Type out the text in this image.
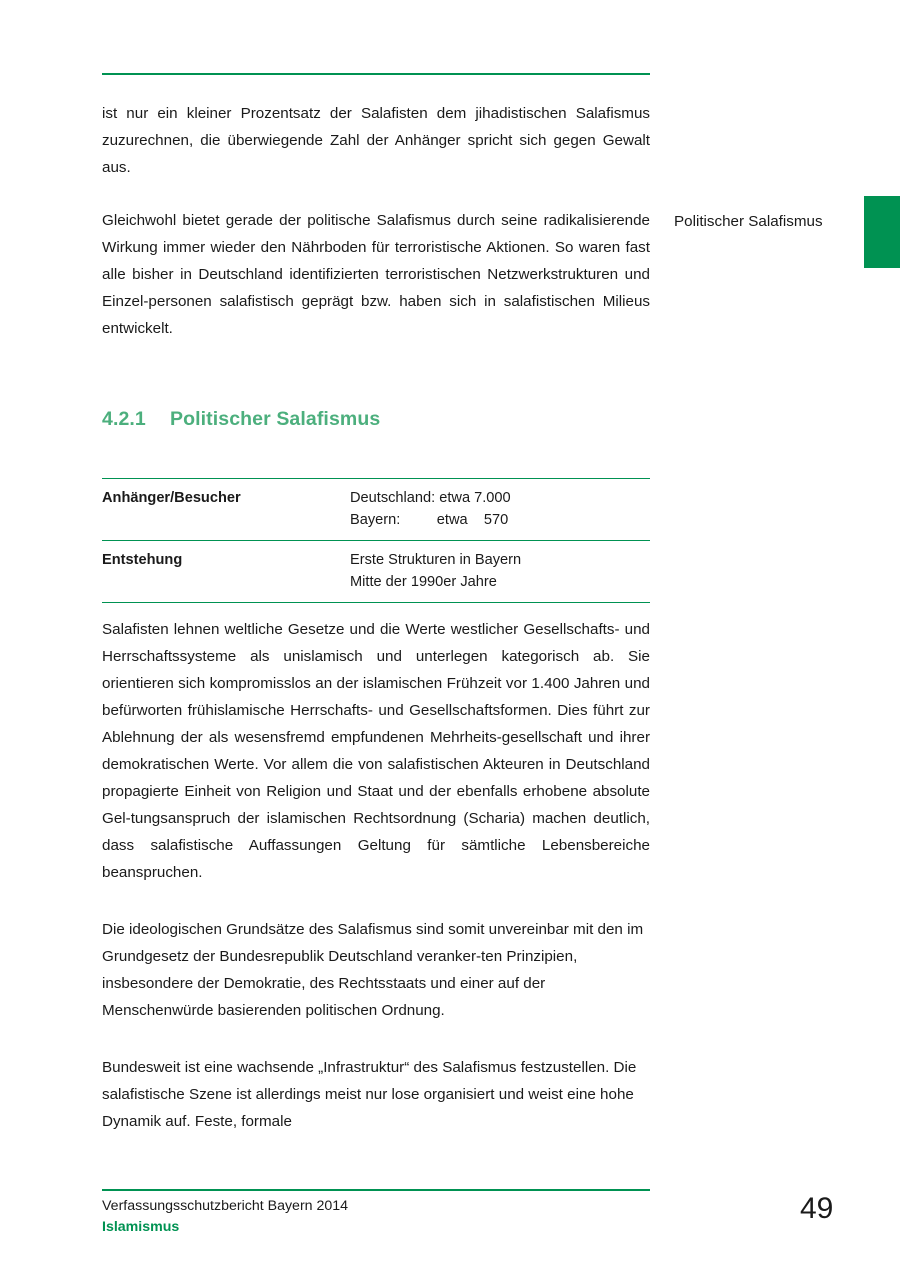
ist nur ein kleiner Prozentsatz der Salafisten dem jihadistischen Salafismus zuzurechnen, die überwiegende Zahl der Anhänger spricht sich gegen Gewalt aus.

Gleichwohl bietet gerade der politische Salafismus durch seine radikalisierende Wirkung immer wieder den Nährboden für terroristische Aktionen. So waren fast alle bisher in Deutschland identifizierten terroristischen Netzwerkstrukturen und Einzel-personen salafistisch geprägt bzw. haben sich in salafistischen Milieus entwickelt.

Politischer Salafismus
4.2.1 Politischer Salafismus
Anhänger/Besucher	Deutschland: etwa 7.000
Bayern:         etwa    570

Entstehung	Erste Strukturen in Bayern
Mitte der 1990er Jahre

Salafisten lehnen weltliche Gesetze und die Werte westlicher Gesellschafts- und Herrschaftssysteme als unislamisch und unterlegen kategorisch ab. Sie orientieren sich kompromisslos an der islamischen Frühzeit vor 1.400 Jahren und befürworten frühislamische Herrschafts- und Gesellschaftsformen. Dies führt zur Ablehnung der als wesensfremd empfundenen Mehrheits-gesellschaft und ihrer demokratischen Werte. Vor allem die von salafistischen Akteuren in Deutschland propagierte Einheit von Religion und Staat und der ebenfalls erhobene absolute Gel-tungsanspruch der islamischen Rechtsordnung (Scharia) machen deutlich, dass salafistische Auffassungen Geltung für sämtliche Lebensbereiche beanspruchen.

Die ideologischen Grundsätze des Salafismus sind somit unvereinbar mit den im Grundgesetz der Bundesrepublik Deutschland veranker-ten Prinzipien, insbesondere der Demokratie, des Rechtsstaats und einer auf der Menschenwürde basierenden politischen Ordnung.

Bundesweit ist eine wachsende „Infrastruktur“ des Salafismus festzustellen. Die salafistische Szene ist allerdings meist nur lose organisiert und weist eine hohe Dynamik auf. Feste, formale

Verfassungsschutzbericht Bayern 2014
Islamismus
49
